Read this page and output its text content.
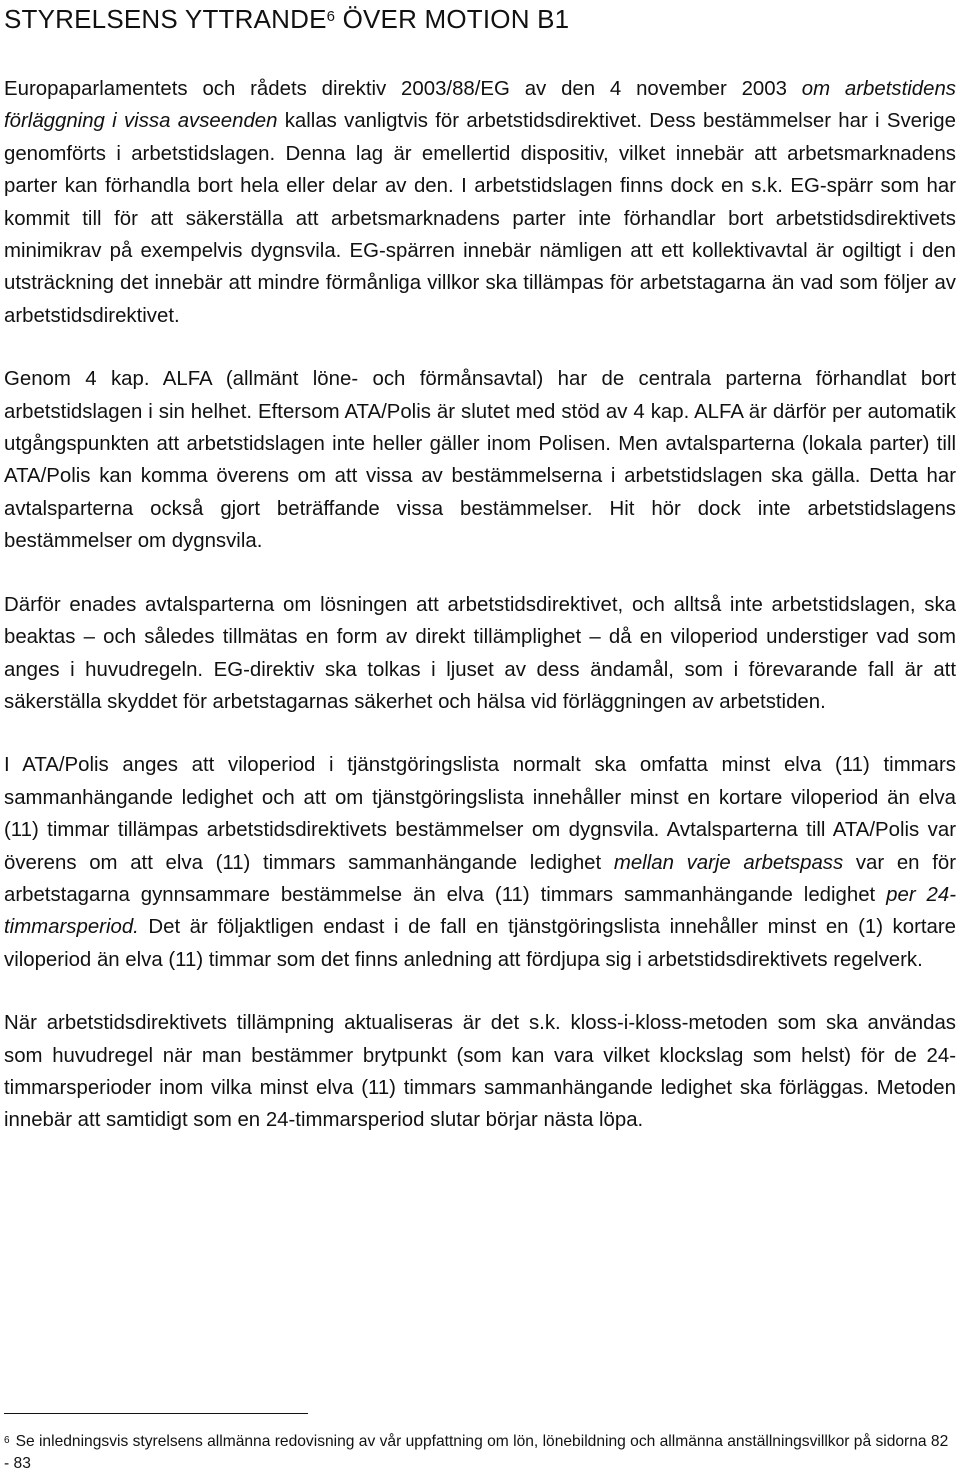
STYRELSENS YTTRANDE$^6$ ÖVER MOTION B1

Europaparlamentets och rådets direktiv 2003/88/EG av den 4 november 2003 om arbetstidens förläggning i vissa avseenden kallas vanligtvis för arbetstidsdirektivet. Dess bestämmelser har i Sverige genomförts i arbetstidslagen. Denna lag är emellertid dispositiv, vilket innebär att arbetsmarknadens parter kan förhandla bort hela eller delar av den. I arbetstidslagen finns dock en s.k. EG-spärr som har kommit till för att säkerställa att arbetsmarknadens parter inte förhandlar bort arbetstidsdirektivets minimikrav på exempelvis dygnsvila. EG-spärren innebär nämligen att ett kollektivavtal är ogiltigt i den utsträckning det innebär att mindre förmånliga villkor ska tillämpas för arbetstagarna än vad som följer av arbetstidsdirektivet.

Genom 4 kap. ALFA (allmänt löne- och förmånsavtal) har de centrala parterna förhandlat bort arbetstidslagen i sin helhet. Eftersom ATA/Polis är slutet med stöd av 4 kap. ALFA är därför per automatik utgångspunkten att arbetstidslagen inte heller gäller inom Polisen. Men avtalsparterna (lokala parter) till ATA/Polis kan komma överens om att vissa av bestämmelserna i arbetstidslagen ska gälla. Detta har avtalsparterna också gjort beträffande vissa bestämmelser. Hit hör dock inte arbetstidslagens bestämmelser om dygnsvila.

Därför enades avtalsparterna om lösningen att arbetstidsdirektivet, och alltså inte arbetstidslagen, ska beaktas – och således tillmätas en form av direkt tillämplighet – då en viloperiod understiger vad som anges i huvudregeln. EG-direktiv ska tolkas i ljuset av dess ändamål, som i förevarande fall är att säkerställa skyddet för arbetstagarnas säkerhet och hälsa vid förläggningen av arbetstiden.

I ATA/Polis anges att viloperiod i tjänstgöringslista normalt ska omfatta minst elva (11) timmars sammanhängande ledighet och att om tjänstgöringslista innehåller minst en kortare viloperiod än elva (11) timmar tillämpas arbetstidsdirektivets bestämmelser om dygnsvila. Avtalsparterna till ATA/Polis var överens om att elva (11) timmars sammanhängande ledighet mellan varje arbetspass var en för arbetstagarna gynnsammare bestämmelse än elva (11) timmars sammanhängande ledighet per 24-timmarsperiod. Det är följaktligen endast i de fall en tjänstgöringslista innehåller minst en (1) kortare viloperiod än elva (11) timmar som det finns anledning att fördjupa sig i arbetstidsdirektivets regelverk.

När arbetstidsdirektivets tillämpning aktualiseras är det s.k. kloss-i-kloss-metoden som ska användas som huvudregel när man bestämmer brytpunkt (som kan vara vilket klockslag som helst) för de 24-timmarsperioder inom vilka minst elva (11) timmars sammanhängande ledighet ska förläggas. Metoden innebär att samtidigt som en 24-timmarsperiod slutar börjar nästa löpa.

$^6$ Se inledningsvis styrelsens allmänna redovisning av vår uppfattning om lön, lönebildning och allmänna anställningsvillkor på sidorna 82 - 83
